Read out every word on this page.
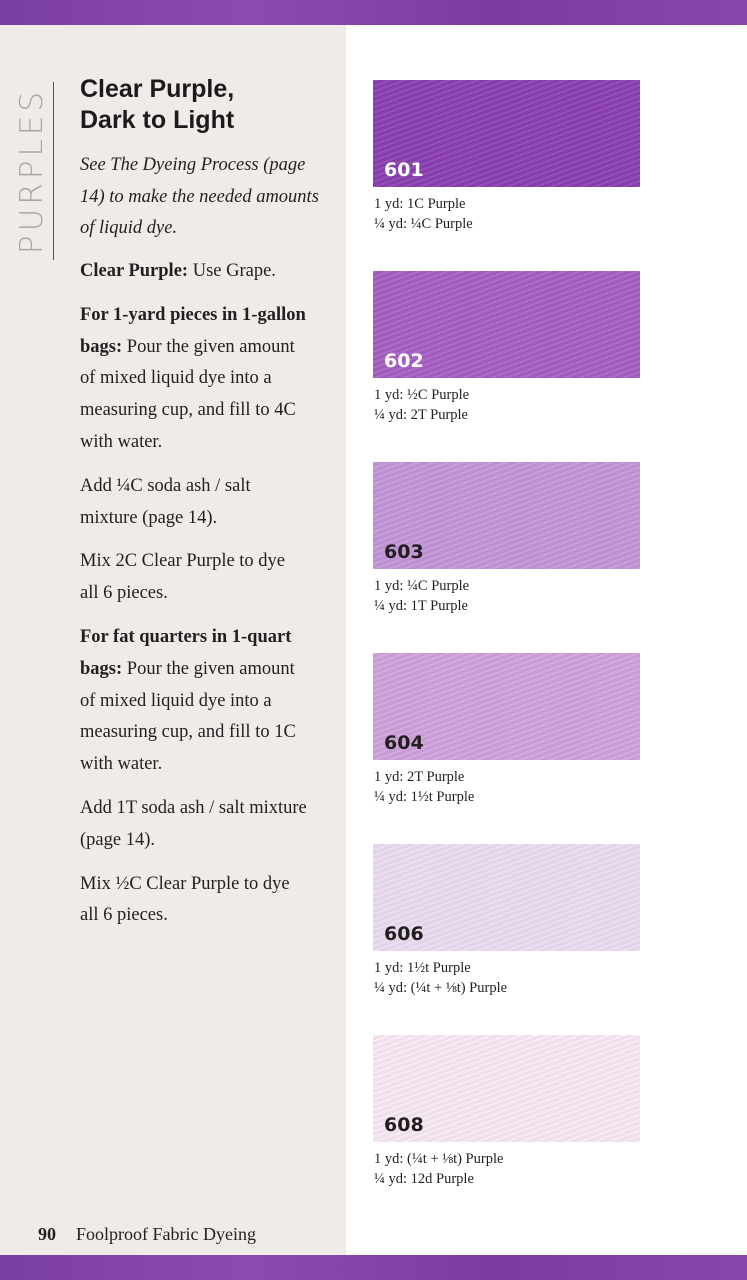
PURPLES Clear Purple,
Dark to Light
See The Dyeing Process (page 14) to make the needed amounts of liquid dye.

Clear Purple: Use Grape.

For 1-yard pieces in 1-gallon bags: Pour the given amount of mixed liquid dye into a measuring cup, and fill to 4C with water.

Add ¼C soda ash / salt mixture (page 14).

Mix 2C Clear Purple to dye all 6 pieces.

For fat quarters in 1-quart bags: Pour the given amount of mixed liquid dye into a measuring cup, and fill to 1C with water.

Add 1T soda ash / salt mixture (page 14).

Mix ½C Clear Purple to dye all 6 pieces.

601
1 yd: 1C Purple
¼ yd: ¼C Purple
602
1 yd: ½C Purple
¼ yd: 2T Purple
603
1 yd: ¼C Purple
¼ yd: 1T Purple
604
1 yd: 2T Purple
¼ yd: 1½t Purple
606
1 yd: 1½t Purple
¼ yd: (¼t + ⅛t) Purple
608
1 yd: (¼t + ⅛t) Purple
¼ yd: 12d Purple
90 Foolproof Fabric Dyeing
